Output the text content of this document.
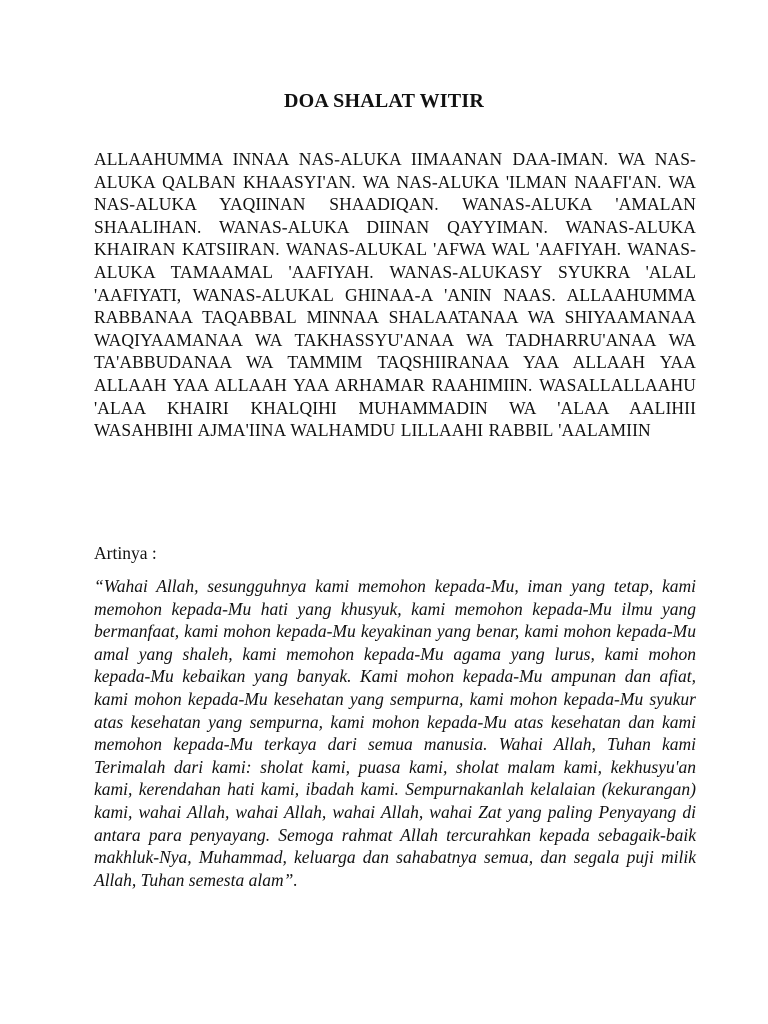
DOA SHALAT WITIR

ALLAAHUMMA INNAA NAS-ALUKA IIMAANAN DAA-IMAN. WA NAS- ALUKA QALBAN KHAASYI'AN. WA NAS-ALUKA 'ILMAN NAAFI'AN. WA NAS-ALUKA YAQIINAN SHAADIQAN. WANAS-ALUKA 'AMALAN SHAALIHAN. WANAS-ALUKA DIINAN QAYYIMAN. WANAS-ALUKA KHAIRAN KATSIIRAN. WANAS-ALUKAL 'AFWA WAL 'AAFIYAH. WANAS-ALUKA TAMAAMAL 'AAFIYAH. WANAS-ALUKASY SYUKRA 'ALAL 'AAFIYATI, WANAS-ALUKAL GHINAA-A 'ANIN NAAS. ALLAAHUMMA RABBANAA TAQABBAL MINNAA SHALAATANAA WA SHIYAAMANAA WAQIYAAMANAA WA TAKHASSYU'ANAA WA TADHARRU'ANAA WA TA'ABBUDANAA WA TAMMIM TAQSHIIRANAA YAA ALLAAH YAA ALLAAH YAA ALLAAH YAA ARHAMAR RAAHIMIIN. WASALLALLAAHU 'ALAA KHAIRI KHALQIHI MUHAMMADIN WA 'ALAA AALIHII WASAHBIHI AJMA'IINA WALHAMDU LILLAAHI RABBIL 'AALAMIIN

Artinya :

“Wahai Allah, sesungguhnya kami memohon kepada-Mu, iman yang tetap, kami memohon kepada-Mu hati yang khusyuk, kami memohon kepada-Mu ilmu yang bermanfaat, kami mohon kepada-Mu keyakinan yang benar, kami mohon kepada-Mu amal yang shaleh, kami memohon kepada-Mu agama yang lurus, kami mohon kepada-Mu kebaikan yang banyak. Kami mohon kepada-Mu ampunan dan afiat, kami mohon kepada-Mu kesehatan yang sempurna, kami mohon kepada-Mu syukur atas kesehatan yang sempurna, kami mohon kepada-Mu atas kesehatan dan kami memohon kepada-Mu terkaya dari semua manusia. Wahai Allah, Tuhan kami Terimalah dari kami: sholat kami, puasa kami, sholat malam kami, kekhusyu'an kami, kerendahan hati kami, ibadah kami. Sempurnakanlah kelalaian (kekurangan) kami, wahai Allah, wahai Allah, wahai Allah, wahai Zat yang paling Penyayang di antara para penyayang. Semoga rahmat Allah tercurahkan kepada sebagaik-baik makhluk-Nya, Muhammad, keluarga dan sahabatnya semua, dan segala puji milik Allah, Tuhan semesta alam”.
